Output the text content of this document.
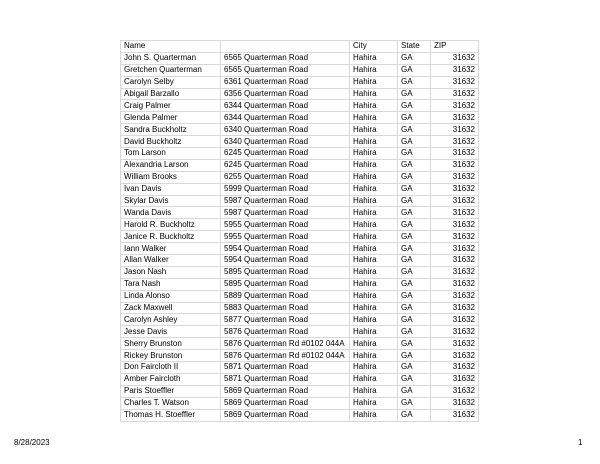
Name		City	State	ZIP
John S. Quarterman	6565 Quarterman Road	Hahira	GA	31632
Gretchen Quarterman	6565 Quarterman Road	Hahira	GA	31632
Carolyn Selby	6361 Quarterman Road	Hahira	GA	31632
Abigail Barzallo	6356 Quarterman Road	Hahira	GA	31632
Craig Palmer	6344 Quarterman Road	Hahira	GA	31632
Glenda Palmer	6344 Quarterman Road	Hahira	GA	31632
Sandra Buckholtz	6340 Quarterman Road	Hahira	GA	31632
David Buckholtz	6340 Quarterman Road	Hahira	GA	31632
Tom Larson	6245 Quarterman Road	Hahira	GA	31632
Alexandria Larson	6245 Quarterman Road	Hahira	GA	31632
William Brooks	6255 Quarterman Road	Hahira	GA	31632
Ivan Davis	5999 Quarterman Road	Hahira	GA	31632
Skylar Davis	5987 Quarterman Road	Hahira	GA	31632
Wanda Davis	5987 Quarterman Road	Hahira	GA	31632
Harold R. Buckholtz	5955 Quarterman Road	Hahira	GA	31632
Janice R. Buckholtz	5955 Quarterman Road	Hahira	GA	31632
Iann Walker	5954 Quarterman Road	Hahira	GA	31632
Allan Walker	5954 Quarterman Road	Hahira	GA	31632
Jason Nash	5895 Quarterman Road	Hahira	GA	31632
Tara Nash	5895 Quarterman Road	Hahira	GA	31632
Linda Alonso	5889 Quarterman Road	Hahira	GA	31632
Zack Maxwell	5883 Quarterman Road	Hahira	GA	31632
Carolyn Ashley	5877 Quarterman Road	Hahira	GA	31632
Jesse Davis	5876 Quarterman Road	Hahira	GA	31632
Sherry Brunston	5876 Quarterman Rd #0102 044A	Hahira	GA	31632
Rickey Brunston	5876 Quarterman Rd #0102 044A	Hahira	GA	31632
Don Faircloth II	5871 Quarterman Road	Hahira	GA	31632
Amber Faircloth	5871 Quarterman Road	Hahira	GA	31632
Paris Stoeffler	5869 Quarterman Road	Hahira	GA	31632
Charles T. Watson	5869 Quarterman Road	Hahira	GA	31632
Thomas H. Stoeffler	5869 Quarterman Road	Hahira	GA	31632
8/28/2023	1
